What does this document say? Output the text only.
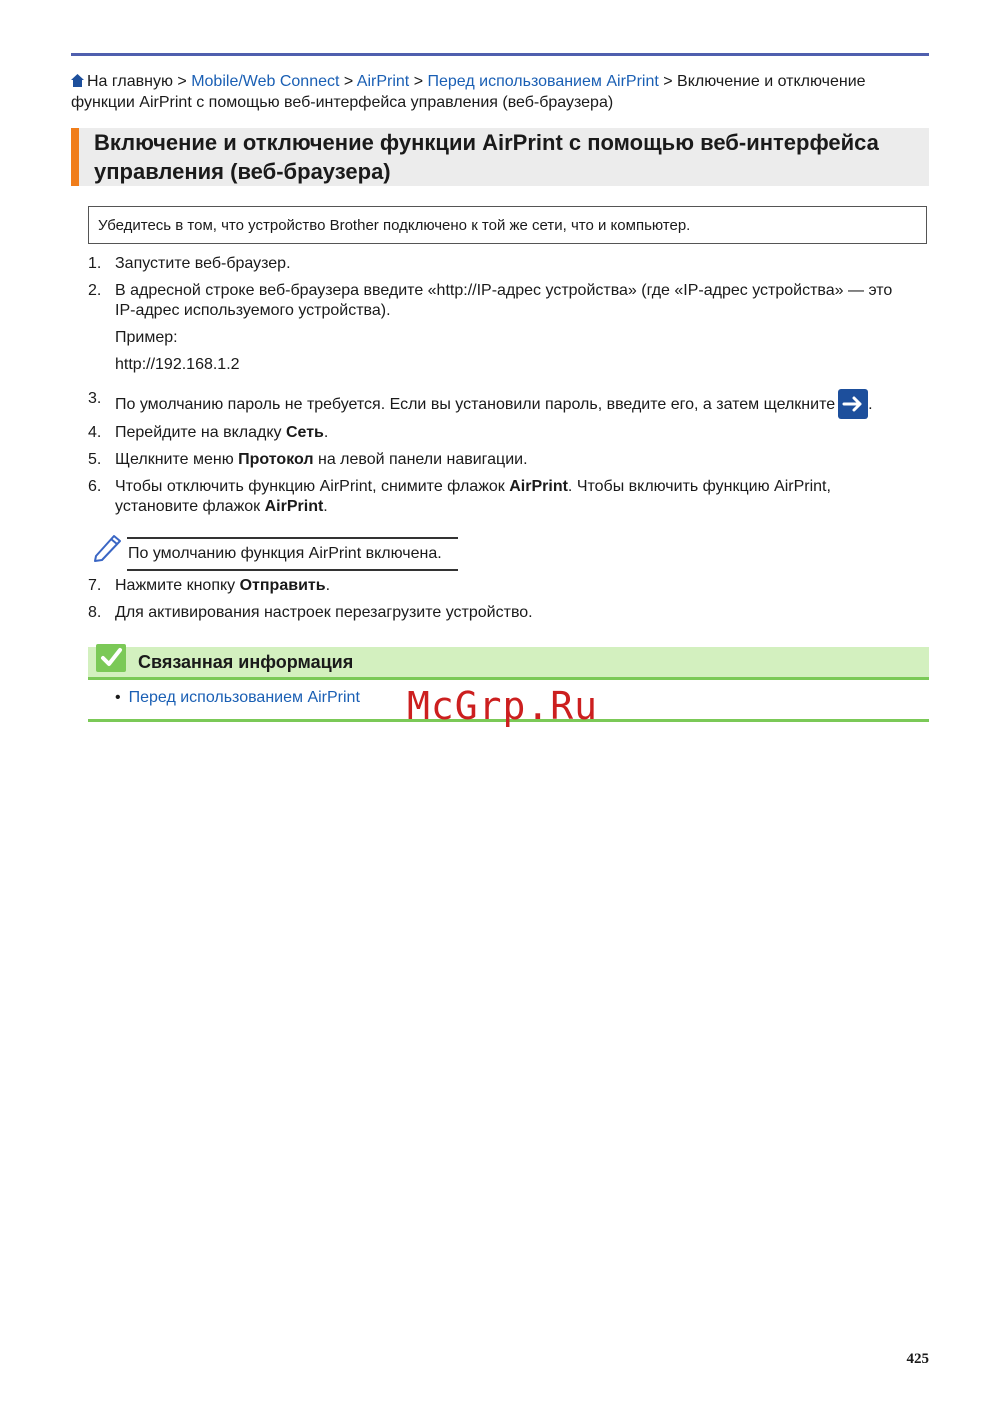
На главную > Mobile/Web Connect > AirPrint > Перед использованием AirPrint > Включение и отключение функции AirPrint с помощью веб-интерфейса управления (веб-браузера)
Включение и отключение функции AirPrint с помощью веб-интерфейса управления (веб-браузера)
Убедитесь в том, что устройство Brother подключено к той же сети, что и компьютер.
1. Запустите веб-браузер.
2. В адресной строке веб-браузера введите «http://IP-адрес устройства» (где «IP-адрес устройства» — это IP-адрес используемого устройства).
Пример:
http://192.168.1.2
3. По умолчанию пароль не требуется. Если вы установили пароль, введите его, а затем щелкните .
4. Перейдите на вкладку Сеть.
5. Щелкните меню Протокол на левой панели навигации.
6. Чтобы отключить функцию AirPrint, снимите флажок AirPrint. Чтобы включить функцию AirPrint, установите флажок AirPrint.
По умолчанию функция AirPrint включена.
7. Нажмите кнопку Отправить.
8. Для активирования настроек перезагрузите устройство.
Связанная информация
• Перед использованием AirPrint McGrp.Ru
425
